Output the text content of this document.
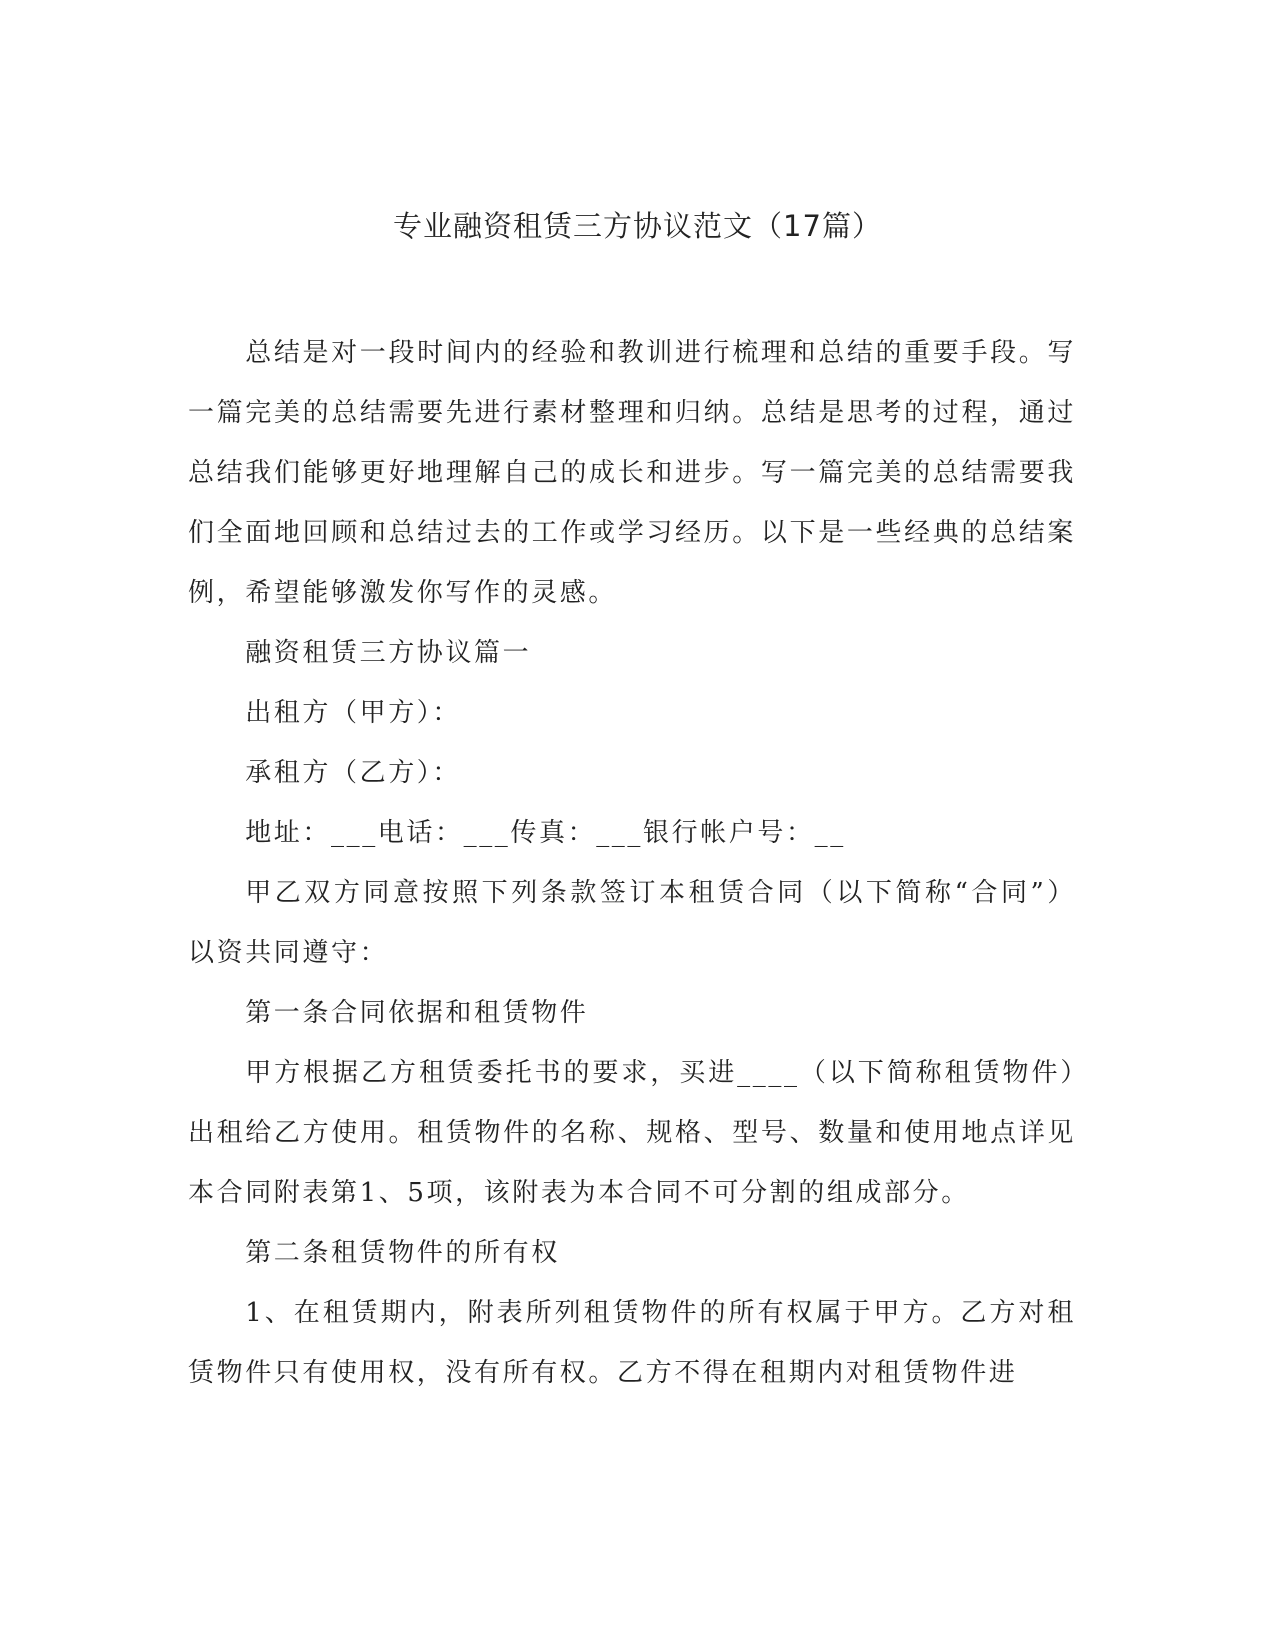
专业融资租赁三方协议范文（17篇）

总结是对一段时间内的经验和教训进行梳理和总结的重要手段。写一篇完美的总结需要先进行素材整理和归纳。总结是思考的过程，通过总结我们能够更好地理解自己的成长和进步。写一篇完美的总结需要我们全面地回顾和总结过去的工作或学习经历。以下是一些经典的总结案例，希望能够激发你写作的灵感。

融资租赁三方协议篇一

出租方（甲方）：

承租方（乙方）：

地址：___电话：___传真：___银行帐户号：__

甲乙双方同意按照下列条款签订本租赁合同（以下简称“合同”）以资共同遵守：

第一条合同依据和租赁物件

甲方根据乙方租赁委托书的要求，买进____（以下简称租赁物件）出租给乙方使用。租赁物件的名称、规格、型号、数量和使用地点详见本合同附表第1、5项，该附表为本合同不可分割的组成部分。

第二条租赁物件的所有权

1、在租赁期内，附表所列租赁物件的所有权属于甲方。乙方对租赁物件只有使用权，没有所有权。乙方不得在租期内对租赁物件进
